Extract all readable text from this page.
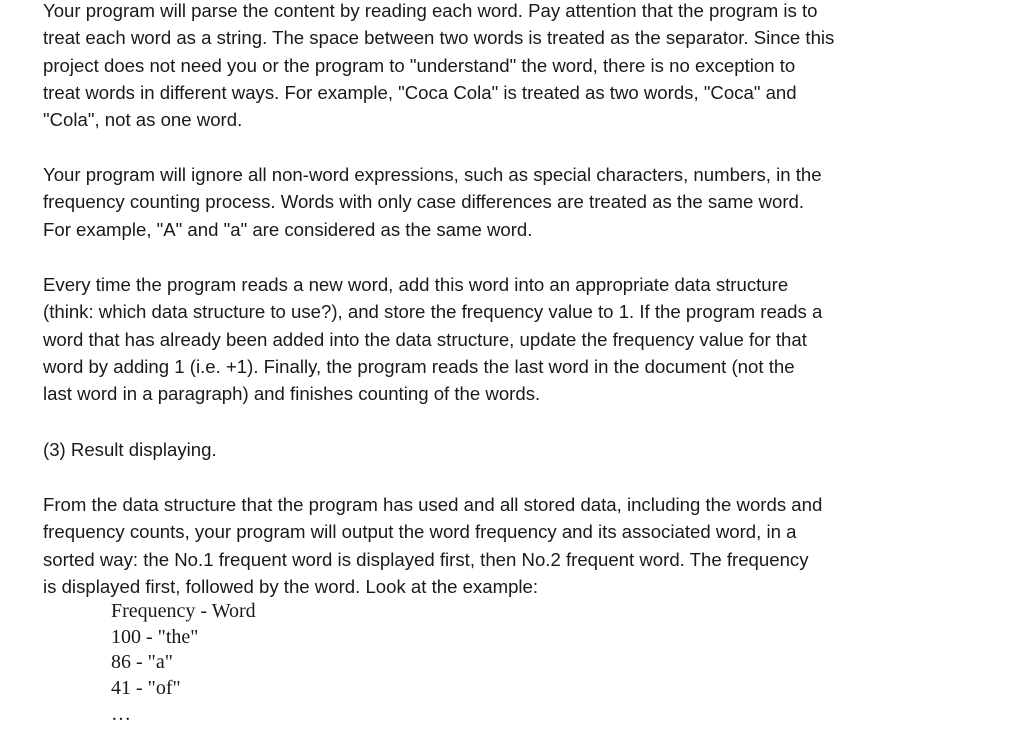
Your program will parse the content by reading each word. Pay attention that the program is to
treat each word as a string. The space between two words is treated as the separator. Since this
project does not need you or the program to "understand" the word, there is no exception to
treat words in different ways. For example, "Coca Cola" is treated as two words, "Coca" and
"Cola", not as one word.

Your program will ignore all non-word expressions, such as special characters, numbers, in the
frequency counting process. Words with only case differences are treated as the same word.
For example, "A" and "a" are considered as the same word.

Every time the program reads a new word, add this word into an appropriate data structure
(think: which data structure to use?), and store the frequency value to 1. If the program reads a
word that has already been added into the data structure, update the frequency value for that
word by adding 1 (i.e. +1). Finally, the program reads the last word in the document (not the
last word in a paragraph) and finishes counting of the words.

(3) Result displaying.

From the data structure that the program has used and all stored data, including the words and
frequency counts, your program will output the word frequency and its associated word, in a
sorted way: the No.1 frequent word is displayed first, then No.2 frequent word. The frequency
is displayed first, followed by the word. Look at the example:

Frequency - Word
100 - "the"
86 - "a"
41 - "of"
…
